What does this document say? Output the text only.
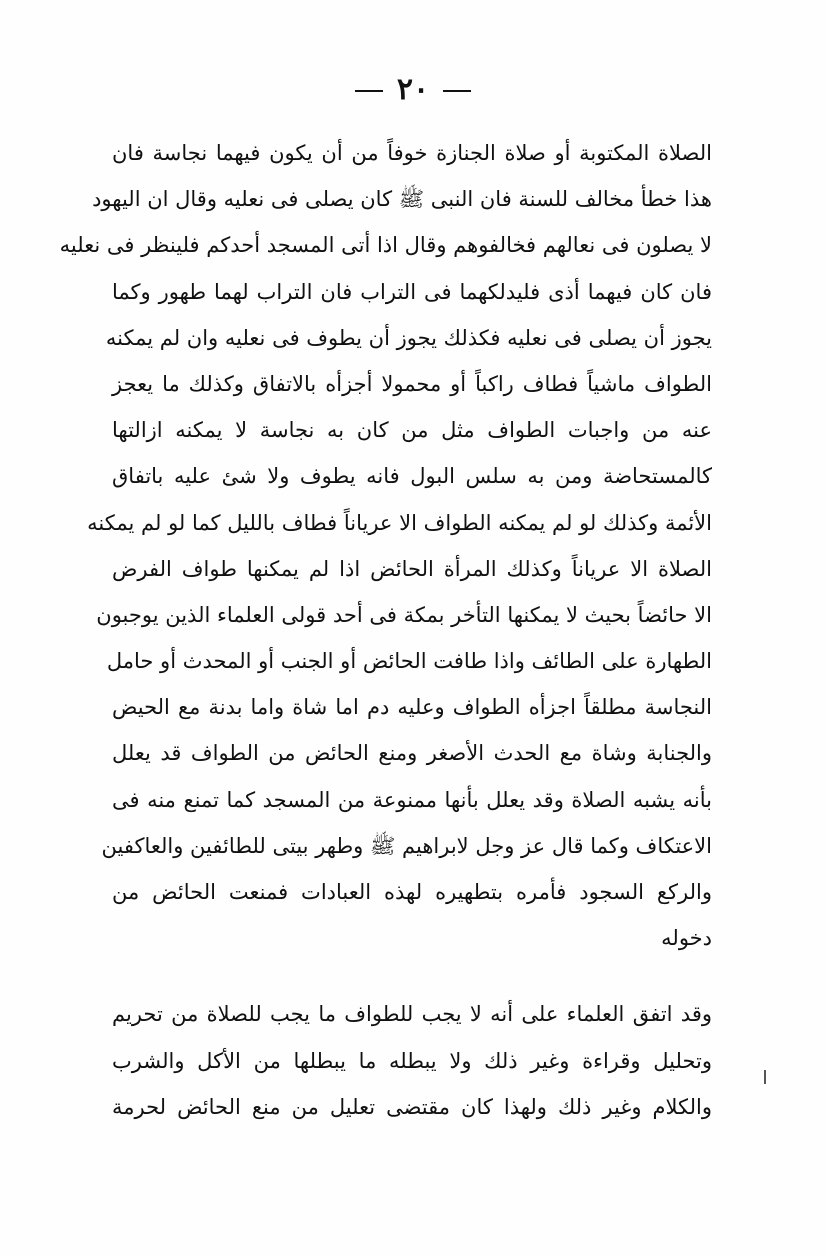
٢٠
الصلاة المكتوبة أو صلاة الجنازة خوفاً من أن يكون فيهما نجاسة فان
هذا خطأ مخالف للسنة فان النبى ﷺ كان يصلى فى نعليه وقال ان اليهود
لا يصلون فى نعالهم فخالفوهم وقال اذا أتى المسجد أحدكم فلينظر فى نعليه
فان كان فيهما أذى فليدلكهما فى التراب فان التراب لهما طهور وكما
يجوز أن يصلى فى نعليه فكذلك يجوز أن يطوف فى نعليه وان لم يمكنه
الطواف ماشياً فطاف راكباً أو محمولا أجزأه بالاتفاق وكذلك ما يعجز
عنه من واجبات الطواف مثل من كان به نجاسة لا يمكنه ازالتها
كالمستحاضة ومن به سلس البول فانه يطوف ولا شئ عليه باتفاق
الأئمة وكذلك لو لم يمكنه الطواف الا عرياناً فطاف بالليل كما لو لم يمكنه
الصلاة الا عرياناً وكذلك المرأة الحائض اذا لم يمكنها طواف الفرض
الا حائضاً بحيث لا يمكنها التأخر بمكة فى أحد قولى العلماء الذين يوجبون
الطهارة على الطائف واذا طافت الحائض أو الجنب أو المحدث أو حامل
النجاسة مطلقاً اجزأه الطواف وعليه دم اما شاة واما بدنة مع الحيض
والجنابة وشاة مع الحدث الأصغر ومنع الحائض من الطواف قد يعلل
بأنه يشبه الصلاة وقد يعلل بأنها ممنوعة من المسجد كما تمنع منه فى
الاعتكاف وكما قال عز وجل لابراهيم ﷺ وطهر بيتى للطائفين والعاكفين
والركع السجود فأمره بتطهيره لهذه العبادات فمنعت الحائض من
دخوله
وقد اتفق العلماء على أنه لا يجب للطواف ما يجب للصلاة من تحريم
وتحليل وقراءة وغير ذلك ولا يبطله ما يبطلها من الأكل والشرب
والكلام وغير ذلك ولهذا كان مقتضى تعليل من منع الحائض لحرمة
